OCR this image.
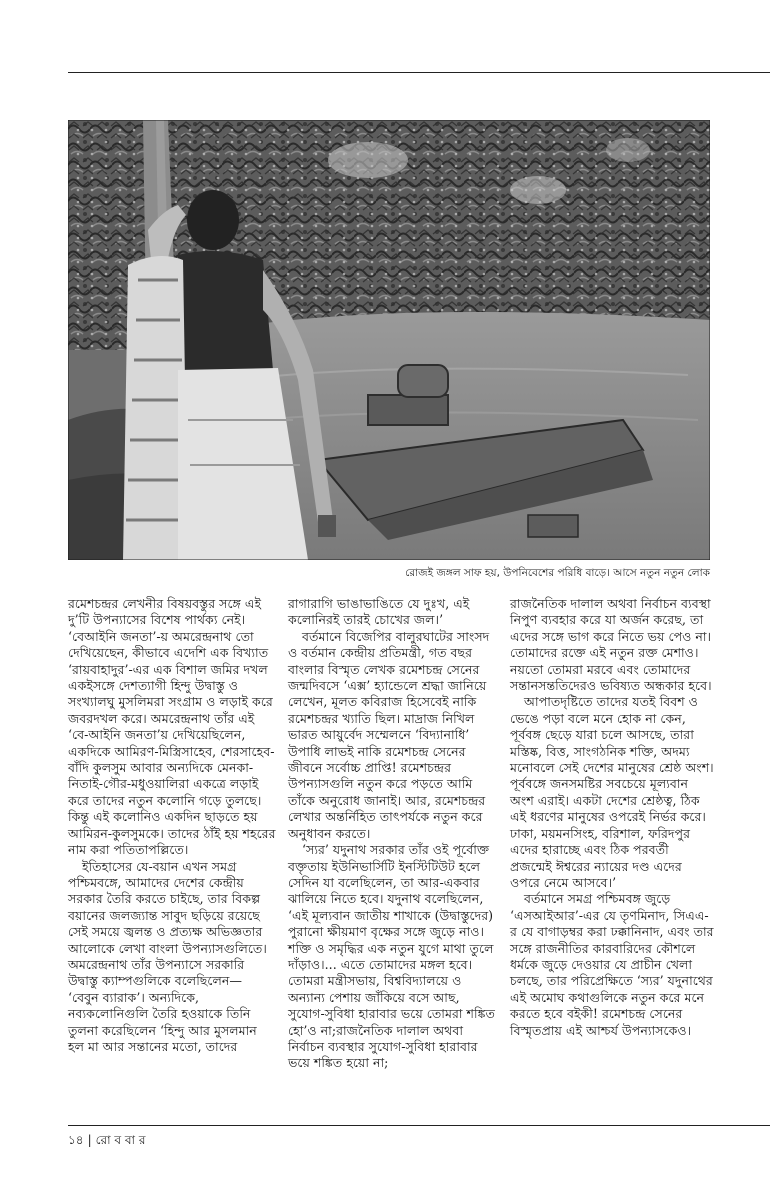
রোজই জঙ্গল সাফ হয়, উপনিবেশের পরিধি বাড়ে। আসে নতুন নতুন লোক

রমেশচন্দ্রর লেখনীর বিষয়বস্তুর সঙ্গে এই দু’টি উপন্যাসের বিশেষ পার্থক্য নেই। ‘বেআইনি জনতা’-য় অমরেন্দ্রনাথ তো দেখিয়েছেন, কীভাবে এদেশি এক বিখ্যাত ‘রায়বাহাদুর’-এর এক বিশাল জমির দখল একইসঙ্গে দেশত্যাগী হিন্দু উদ্বাস্তু ও সংখ্যালঘু মুসলিমরা সংগ্রাম ও লড়াই করে জবরদখল করে। অমরেন্দ্রনাথ তাঁর এই ‘বে-আইনি জনতা’য় দেখিয়েছিলেন, একদিকে আমিরণ-মিস্ত্রিসাহেব, শেরসাহেব-বাঁদি কুলসুম আবার অন্যদিকে মেনকা-নিতাই-গৌর-মধুওয়ালিরা একত্রে লড়াই করে তাদের নতুন কলোনি গড়ে তুলছে। কিন্তু এই কলোনিও একদিন ছাড়তে হয় আমিরন-কুলসুমকে। তাদের ঠাঁই হয় শহরের নাম করা পতিতাপল্লিতে।

ইতিহাসের যে-বয়ান এখন সমগ্র পশ্চিমবঙ্গে, আমাদের দেশের কেন্দ্রীয় সরকার তৈরি করতে চাইছে, তার বিকল্প বয়ানের জলজ্যান্ত সাবুদ ছড়িয়ে রয়েছে সেই সময়ে জ্বলন্ত ও প্রত্যক্ষ অভিজ্ঞতার আলোকে লেখা বাংলা উপন্যাসগুলিতে। অমরেন্দ্রনাথ তাঁর উপন্যাসে সরকারি উদ্বাস্তু ক্যাম্পগুলিকে বলেছিলেন— ‘বেবুন ব্যারাক’। অন্যদিকে, নব্যকলোনিগুলি তৈরি হওয়াকে তিনি তুলনা করেছিলেন ‘হিন্দু আর মুসলমান হল মা আর সন্তানের মতো, তাদের

রাগারাগি ভাঙাভাঙিতে যে দুঃখ, এই কলোনিরই তারই চোখের জল।’

বর্তমানে বিজেপির বালুরঘাটের সাংসদ ও বর্তমান কেন্দ্রীয় প্রতিমন্ত্রী, গত বছর বাংলার বিস্মৃত লেখক রমেশচন্দ্র সেনের জন্মদিবসে ‘এক্স’ হ্যান্ডেলে শ্রদ্ধা জানিয়ে লেখেন, মূলত কবিরাজ হিসেবেই নাকি রমেশচন্দ্রর খ্যাতি ছিল। মাদ্রাজ নিখিল ভারত আয়ুর্বেদ সম্মেলনে ‘বিদ্যানাধি’ উপাধি লাভই নাকি রমেশচন্দ্র সেনের জীবনে সর্বোচ্চ প্রাপ্তি! রমেশচন্দ্রর উপন্যাসগুলি নতুন করে পড়তে আমি তাঁকে অনুরোধ জানাই। আর, রমেশচন্দ্রর লেখার অন্তর্নিহিত তাৎপর্যকে নতুন করে অনুধাবন করতে।

‘স্যর’ যদুনাথ সরকার তাঁর ওই পূর্বোক্ত বক্তৃতায় ইউনিভার্সিটি ইনস্টিটিউট হলে সেদিন যা বলেছিলেন, তা আর-একবার ঝালিয়ে নিতে হবে। যদুনাথ বলেছিলেন, ‘এই মূল্যবান জাতীয় শাখাকে (উদ্বাস্তুদের) পুরানো ক্ষীয়মাণ বৃক্ষের সঙ্গে জুড়ে নাও। শক্তি ও সমৃদ্ধির এক নতুন যুগে মাথা তুলে দাঁড়াও।... এতে তোমাদের মঙ্গল হবে। তোমরা মন্ত্রীসভায়, বিশ্ববিদ্যালয়ে ও অন্যান্য পেশায় জাঁকিয়ে বসে আছ, সুযোগ-সুবিধা হারাবার ভয়ে তোমরা শঙ্কিত হো’ও না;রাজনৈতিক দালাল অথবা নির্বাচন ব্যবস্থার সুযোগ-সুবিধা হারাবার ভয়ে শঙ্কিত হয়ো না;

রাজনৈতিক দালাল অথবা নির্বাচন ব্যবস্থা নিপুণ ব্যবহার করে যা অর্জন করেছ, তা এদের সঙ্গে ভাগ করে নিতে ভয় পেও না। তোমাদের রক্তে এই নতুন রক্ত মেশাও। নয়তো তোমরা মরবে এবং তোমাদের সন্তানসন্ততিদেরও ভবিষ্যত অন্ধকার হবে।

আপাতদৃষ্টিতে তাদের যতই বিবশ ও ভেঙে পড়া বলে মনে হোক না কেন, পূর্ববঙ্গ ছেড়ে যারা চলে আসছে, তারা মস্তিষ্ক, বিত্ত, সাংগঠনিক শক্তি, অদম্য মনোবলে সেই দেশের মানুষের শ্রেষ্ঠ অংশ। পূর্ববঙ্গে জনসমষ্টির সবচেয়ে মূল্যবান অংশ এরাই। একটা দেশের শ্রেষ্ঠত্ব, ঠিক এই ধরণের মানুষের ওপরেই নির্ভর করে। ঢাকা, ময়মনসিংহ, বরিশাল, ফরিদপুর এদের হারাচ্ছে এবং ঠিক পরবর্তী প্রজন্মেই ঈশ্বরের ন্যায়ের দণ্ড এদের ওপরে নেমে আসবে।’

বর্তমানে সমগ্র পশ্চিমবঙ্গ জুড়ে ‘এসআইআর’-এর যে তৃণমিনাদ, সিএএ-র যে বাগাড়ম্বর করা ঢক্কানিনাদ, এবং তার সঙ্গে রাজনীতির কারবারিদের কৌশলে ধর্মকে জুড়ে দেওয়ার যে প্রাচীন খেলা চলছে, তার পরিপ্রেক্ষিতে ‘স্যর’ যদুনাথের এই অমোঘ কথাগুলিকে নতুন করে মনে করতে হবে বইকী! রমেশচন্দ্র সেনের বিস্মৃতপ্রায় এই আশ্চর্য উপন্যাসকেও।

১৪ | রো ব বা র
